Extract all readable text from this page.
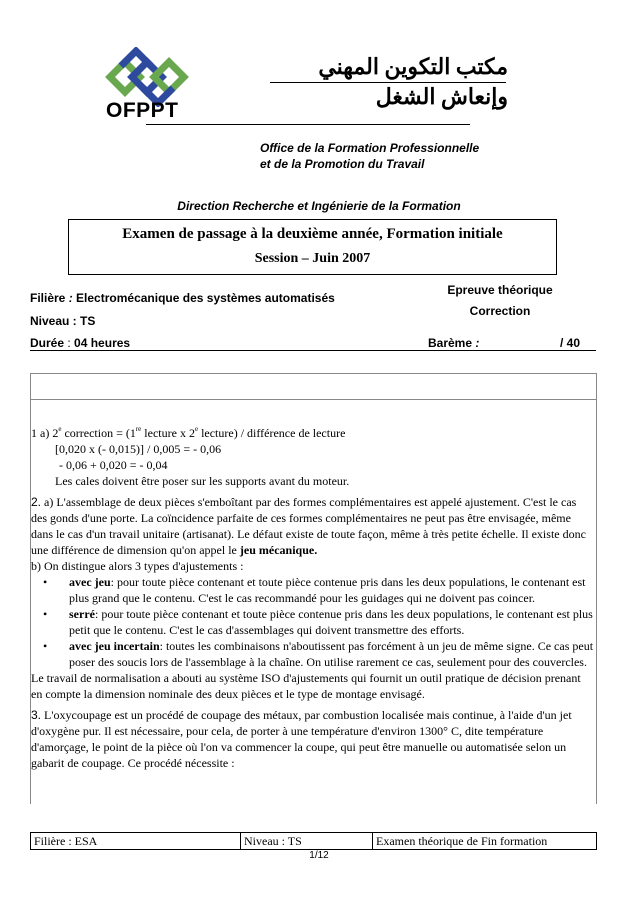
OFPPT
مكتب التكوين المهني وإنعاش الشغل
Office de la Formation Professionnelle
et de la Promotion du Travail
Direction Recherche et Ingénierie de la Formation
Examen de passage à la deuxième année, Formation initiale
Session – Juin 2007
Epreuve théorique
Correction
Filière : Electromécanique des systèmes automatisés
Niveau : TS
Durée : 04 heures	Barème :	/ 40

1 a) 2e correction = (1re lecture x 2e lecture) / différence de lecture

[0,020 x (- 0,015)] / 0,005 = - 0,06

- 0,06 + 0,020 = - 0,04

Les cales doivent être poser sur les supports avant du moteur.

2. a) L'assemblage de deux pièces s'emboîtant par des formes complémentaires est appelé ajustement. C'est le cas des gonds d'une porte. La coïncidence parfaite de ces formes complémentaires ne peut pas être envisagée, même dans le cas d'un travail unitaire (artisanat). Le défaut existe de toute façon, même à très petite échelle. Il existe donc une différence de dimension qu'on appel le jeu mécanique.

b) On distingue alors 3 types d'ajustements :

• avec jeu: pour toute pièce contenant et toute pièce contenue pris dans les deux populations, le contenant est plus grand que le contenu. C'est le cas recommandé pour les guidages qui ne doivent pas coincer.
• serré: pour toute pièce contenant et toute pièce contenue pris dans les deux populations, le contenant est plus petit que le contenu. C'est le cas d'assemblages qui doivent transmettre des efforts.
• avec jeu incertain: toutes les combinaisons n'aboutissent pas forcément à un jeu de même signe. Ce cas peut poser des soucis lors de l'assemblage à la chaîne. On utilise rarement ce cas, seulement pour des couvercles.

Le travail de normalisation a abouti au système ISO d'ajustements qui fournit un outil pratique de décision prenant en compte la dimension nominale des deux pièces et le type de montage envisagé.

3. L'oxycoupage est un procédé de coupage des métaux, par combustion localisée mais continue, à l'aide d'un jet d'oxygène pur. Il est nécessaire, pour cela, de porter à une température d'environ 1300° C, dite température d'amorçage, le point de la pièce où l'on va commencer la coupe, qui peut être manuelle ou automatisée selon un gabarit de coupage. Ce procédé nécessite :

Filière : ESA	Niveau : TS	Examen théorique de Fin formation
1/12
